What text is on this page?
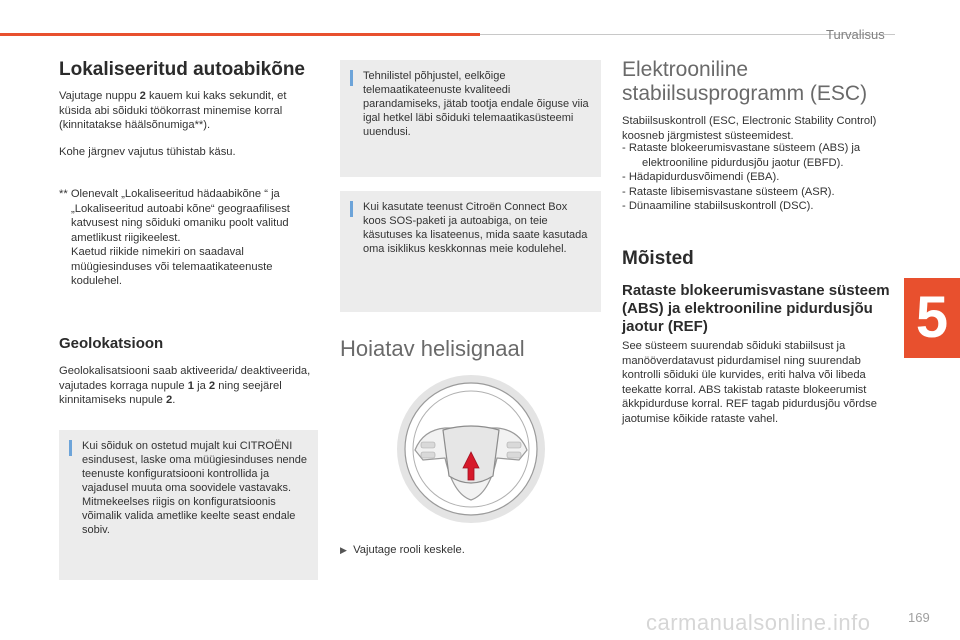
Turvalisus
5
169
carmanualsonline.info
Lokaliseeritud autoabikõne

Vajutage nuppu 2 kauem kui kaks sekundit, et küsida abi sõiduki töökorrast minemise korral (kinnitatakse häälsõnumiga**).

Kohe järgnev vajutus tühistab käsu.

** Olenevalt „Lokaliseeritud hädaabikõne “ ja „Lokaliseeritud autoabi kõne“ geograafilisest katvusest ning sõiduki omaniku poolt valitud ametlikust riigikeelest.

Kaetud riikide nimekiri on saadaval müügiesinduses või telemaatikateenuste kodulehel.

Geolokatsioon

Geolokalisatsiooni saab aktiveerida/ deaktiveerida, vajutades korraga nupule 1 ja 2 ning seejärel kinnitamiseks nupule 2.

Kui sõiduk on ostetud mujalt kui CITROËNI esindusest, laske oma müügiesinduses nende teenuste konfiguratsiooni kontrollida ja vajadusel muuta oma soovidele vastavaks. Mitmekeelses riigis on konfiguratsioonis võimalik valida ametlike keelte seast endale sobiv.

Tehnilistel põhjustel, eelkõige telemaatikateenuste kvaliteedi parandamiseks, jätab tootja endale õiguse viia igal hetkel läbi sõiduki telemaatikasüsteemi uuendusi.

Kui kasutate teenust Citroën Connect Box koos SOS-paketi ja autoabiga, on teie käsutuses ka lisateenus, mida saate kasutada oma isiklikus keskkonnas meie kodulehel.

Hoiatav helisignaal

▶ Vajutage rooli keskele.

Elektrooniline stabiilsusprogramm (ESC)

Stabiilsuskontroll (ESC, Electronic Stability Control) koosneb järgmistest süsteemidest.

- Rataste blokeerumisvastane süsteem (ABS) ja elektrooniline pidurdusjõu jaotur (EBFD).

- Hädapidurdusvõimendi (EBA).

- Rataste libisemisvastane süsteem (ASR).

- Dünaamiline stabiilsuskontroll (DSC).

Mõisted
Rataste blokeerumisvastane süsteem (ABS) ja elektrooniline pidurdusjõu jaotur (REF)

See süsteem suurendab sõiduki stabiilsust ja manööverdatavust pidurdamisel ning suurendab kontrolli sõiduki üle kurvides, eriti halva või libeda teekatte korral. ABS takistab rataste blokeerumist äkkpidurduse korral. REF tagab pidurdusjõu võrdse jaotumise kõikide rataste vahel.
